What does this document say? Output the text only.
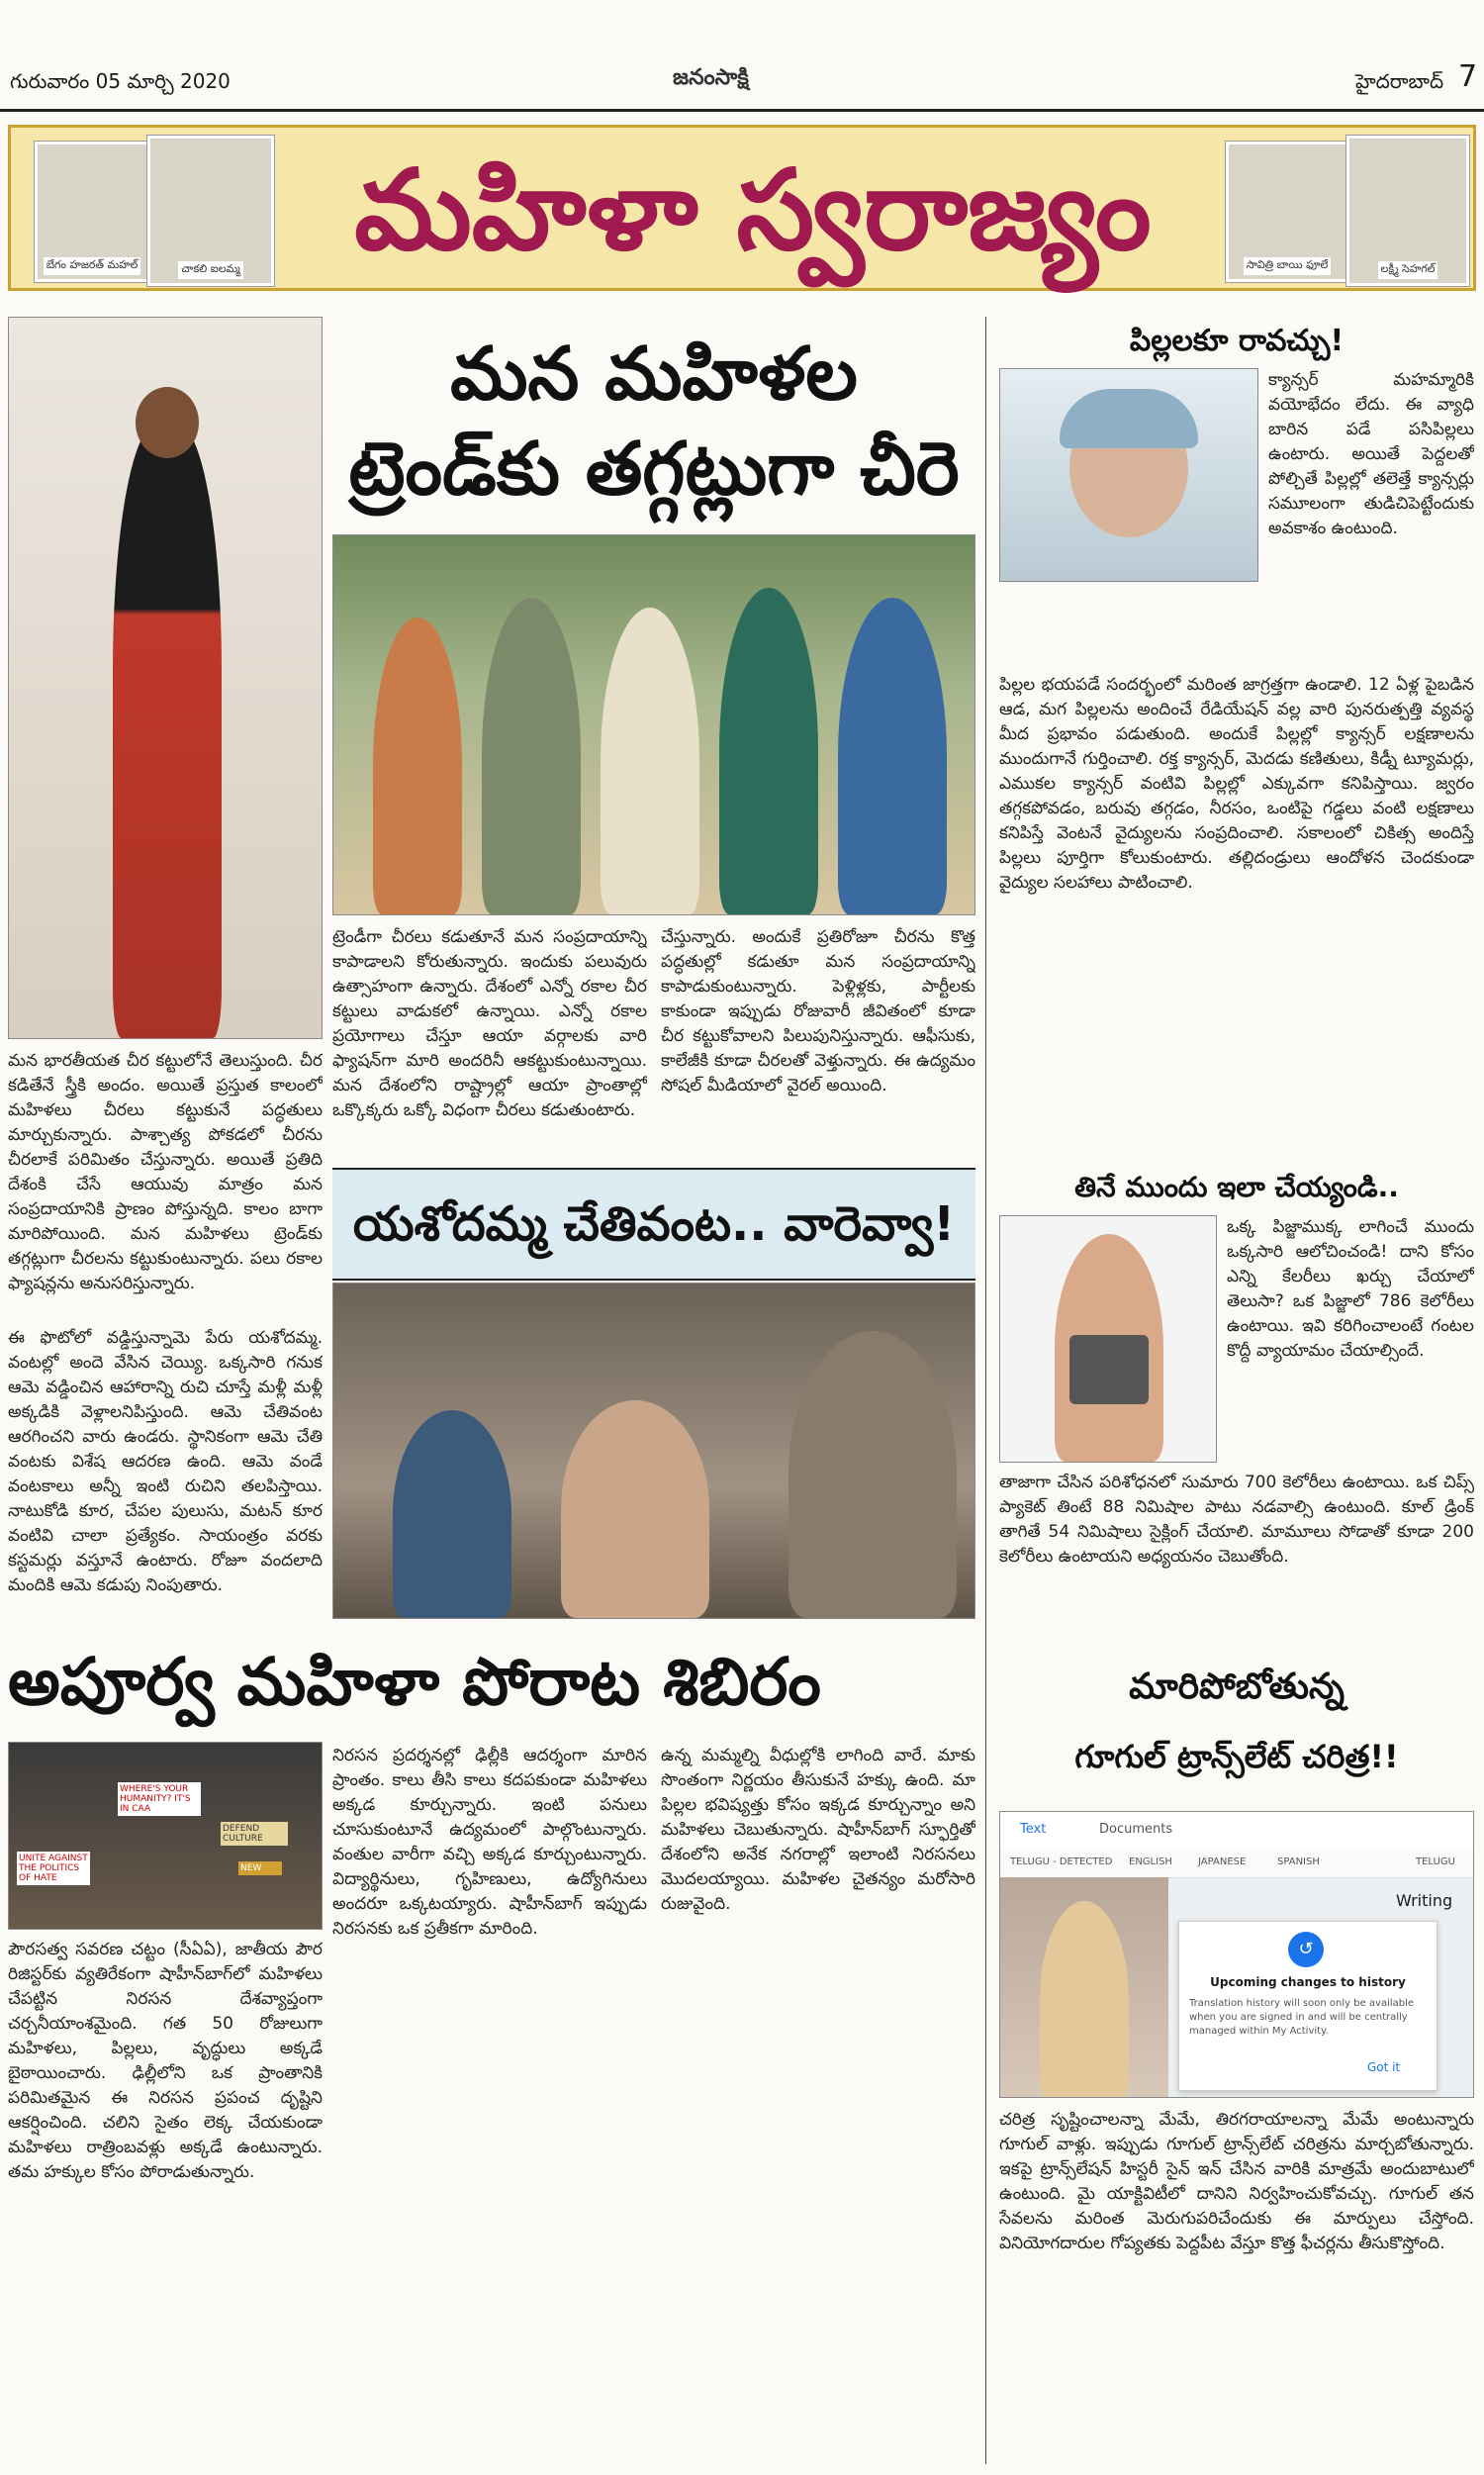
గురువారం 05 మార్చి 2020	జనంసాక్షి	హైదరాబాద్ 7
బేగం హజరత్ మహల్	చాకలి ఐలమ్మ	మహిళా స్వరాజ్యం	సావిత్రి బాయి ఫూలే	లక్ష్మీ సెహగల్
మన మహిళల
ట్రెండ్‌కు తగ్గట్లుగా చీరె
మన భారతీయత చీర కట్టులోనే తెలుస్తుంది. చీర కడితేనే స్త్రీకి అందం. అయితే ప్రస్తుత కాలంలో మహిళలు చీరలు కట్టుకునే పద్ధతులు మార్చుకున్నారు. పాశ్చాత్య పోకడలో చీరను చీరలాకే పరిమితం చేస్తున్నారు. అయితే ప్రతిది దేశంకి చేసే ఆయువు మాత్రం మన సంప్రదాయానికి ప్రాణం పోస్తున్నది. కాలం బాగా మారిపోయింది. మన మహిళలు ట్రెండ్‌కు తగ్గట్లుగా చీరలను కట్టుకుంటున్నారు. పలు రకాల ఫ్యాషన్లను అనుసరిస్తున్నారు.
ట్రెండీగా చీరలు కడుతూనే మన సంప్రదాయాన్ని కాపాడాలని కోరుతున్నారు. ఇందుకు పలువురు ఉత్సాహంగా ఉన్నారు. దేశంలో ఎన్నో రకాల చీర కట్టులు వాడుకలో ఉన్నాయి. ఎన్నో రకాల ప్రయోగాలు చేస్తూ ఆయా వర్గాలకు వారి ఫ్యాషన్‌గా మారి అందరినీ ఆకట్టుకుంటున్నాయి. మన దేశంలోని రాష్ట్రాల్లో ఆయా ప్రాంతాల్లో ఒక్కొక్కరు ఒక్కో విధంగా చీరలు కడుతుంటారు.
చేస్తున్నారు. అందుకే ప్రతిరోజూ చీరను కొత్త పద్ధతుల్లో కడుతూ మన సంప్రదాయాన్ని కాపాడుకుంటున్నారు. పెళ్లిళ్లకు, పార్టీలకు కాకుండా ఇప్పుడు రోజువారీ జీవితంలో కూడా చీర కట్టుకోవాలని పిలుపునిస్తున్నారు. ఆఫీసుకు, కాలేజీకి కూడా చీరలతో వెళ్తున్నారు. ఈ ఉద్యమం సోషల్ మీడియాలో వైరల్ అయింది.
యశోదమ్మ చేతివంట.. వారెవ్వా!
ఈ ఫొటోలో వడ్డిస్తున్నామె పేరు యశోదమ్మ. వంటల్లో అందె వేసిన చెయ్యి. ఒక్కసారి గనుక ఆమె వడ్డించిన ఆహారాన్ని రుచి చూస్తే మళ్లీ మళ్లీ అక్కడికి వెళ్లాలనిపిస్తుంది. ఆమె చేతివంట ఆరగించని వారు ఉండరు. స్థానికంగా ఆమె చేతి వంటకు విశేష ఆదరణ ఉంది. ఆమె వండే వంటకాలు అన్నీ ఇంటి రుచిని తలపిస్తాయి. నాటుకోడి కూర, చేపల పులుసు, మటన్ కూర వంటివి చాలా ప్రత్యేకం. సాయంత్రం వరకు కస్టమర్లు వస్తూనే ఉంటారు. రోజూ వందలాది మందికి ఆమె కడుపు నింపుతారు.
అపూర్వ మహిళా పోరాట శిబిరం
UNITE AGAINST THE POLITICS OF HATE
WHERE'S YOUR HUMANITY? IT'S IN CAA
DEFEND CULTURE
NEW
పౌరసత్వ సవరణ చట్టం (సీఏఏ), జాతీయ పౌర రిజిస్టర్‌కు వ్యతిరేకంగా షాహీన్‌బాగ్‌లో మహిళలు చేపట్టిన నిరసన దేశవ్యాప్తంగా చర్చనీయాంశమైంది. గత 50 రోజులుగా మహిళలు, పిల్లలు, వృద్ధులు అక్కడే బైఠాయించారు. ఢిల్లీలోని ఒక ప్రాంతానికి పరిమితమైన ఈ నిరసన ప్రపంచ దృష్టిని ఆకర్షించింది. చలిని సైతం లెక్క చేయకుండా మహిళలు రాత్రింబవళ్లు అక్కడే ఉంటున్నారు. తమ హక్కుల కోసం పోరాడుతున్నారు.
నిరసన ప్రదర్శనల్లో ఢిల్లీకి ఆదర్శంగా మారిన ప్రాంతం. కాలు తీసి కాలు కదపకుండా మహిళలు అక్కడ కూర్చున్నారు. ఇంటి పనులు చూసుకుంటూనే ఉద్యమంలో పాల్గొంటున్నారు. వంతుల వారీగా వచ్చి అక్కడ కూర్చుంటున్నారు. విద్యార్థినులు, గృహిణులు, ఉద్యోగినులు అందరూ ఒక్కటయ్యారు. షాహీన్‌బాగ్ ఇప్పుడు నిరసనకు ఒక ప్రతీకగా మారింది.
ఉన్న మమ్మల్ని వీధుల్లోకి లాగింది వారే. మాకు సొంతంగా నిర్ణయం తీసుకునే హక్కు ఉంది. మా పిల్లల భవిష్యత్తు కోసం ఇక్కడ కూర్చున్నాం అని మహిళలు చెబుతున్నారు. షాహీన్‌బాగ్ స్ఫూర్తితో దేశంలోని అనేక నగరాల్లో ఇలాంటి నిరసనలు మొదలయ్యాయి. మహిళల చైతన్యం మరోసారి రుజువైంది.
పిల్లలకూ రావచ్చు!
క్యాన్సర్ మహమ్మారికి వయోభేదం లేదు. ఈ వ్యాధి బారిన పడే పసిపిల్లలు ఉంటారు. అయితే పెద్దలతో పోల్చితే పిల్లల్లో తలెత్తే క్యాన్సర్లు సమూలంగా తుడిచిపెట్టేందుకు అవకాశం ఉంటుంది.
పిల్లల భయపడే సందర్భంలో మరింత జాగ్రత్తగా ఉండాలి. 12 ఏళ్ల పైబడిన ఆడ, మగ పిల్లలను అందించే రేడియేషన్ వల్ల వారి పునరుత్పత్తి వ్యవస్థ మీద ప్రభావం పడుతుంది. అందుకే పిల్లల్లో క్యాన్సర్ లక్షణాలను ముందుగానే గుర్తించాలి. రక్త క్యాన్సర్, మెదడు కణితులు, కిడ్నీ ట్యూమర్లు, ఎముకల క్యాన్సర్ వంటివి పిల్లల్లో ఎక్కువగా కనిపిస్తాయి. జ్వరం తగ్గకపోవడం, బరువు తగ్గడం, నీరసం, ఒంటిపై గడ్డలు వంటి లక్షణాలు కనిపిస్తే వెంటనే వైద్యులను సంప్రదించాలి. సకాలంలో చికిత్స అందిస్తే పిల్లలు పూర్తిగా కోలుకుంటారు. తల్లిదండ్రులు ఆందోళన చెందకుండా వైద్యుల సలహాలు పాటించాలి.
తినే ముందు ఇలా చేయ్యండి..
ఒక్క పిజ్జాముక్క లాగించే ముందు ఒక్కసారి ఆలోచించండి! దాని కోసం ఎన్ని కేలరీలు ఖర్చు చేయాలో తెలుసా? ఒక పిజ్జాలో 786 కెలోరీలు ఉంటాయి. ఇవి కరిగించాలంటే గంటల కొద్దీ వ్యాయామం చేయాల్సిందే.
తాజాగా చేసిన పరిశోధనలో సుమారు 700 కెలోరీలు ఉంటాయి. ఒక చిప్స్ ప్యాకెట్ తింటే 88 నిమిషాల పాటు నడవాల్సి ఉంటుంది. కూల్ డ్రింక్ తాగితే 54 నిమిషాలు సైక్లింగ్ చేయాలి. మామూలు సోడాతో కూడా 200 కెలోరీలు ఉంటాయని అధ్యయనం చెబుతోంది.
మారిపోబోతున్న
గూగుల్ ట్రాన్స్‌లేట్ చరిత్ర!!
Text	Documents
TELUGU - DETECTED ENGLISH	JAPANESE	SPANISH	TELUGU
Writing
↺
Upcoming changes to history
Translation history will soon only be available when you are signed in and will be centrally managed within My Activity.
Got it
చరిత్ర సృష్టించాలన్నా మేమే, తిరగరాయాలన్నా మేమే అంటున్నారు గూగుల్ వాళ్లు. ఇప్పుడు గూగుల్ ట్రాన్స్‌లేట్ చరిత్రను మార్చబోతున్నారు. ఇకపై ట్రాన్స్‌లేషన్ హిస్టరీ సైన్ ఇన్ చేసిన వారికి మాత్రమే అందుబాటులో ఉంటుంది. మై యాక్టివిటీలో దానిని నిర్వహించుకోవచ్చు. గూగుల్ తన సేవలను మరింత మెరుగుపరిచేందుకు ఈ మార్పులు చేస్తోంది. వినియోగదారుల గోప్యతకు పెద్దపీట వేస్తూ కొత్త ఫీచర్లను తీసుకొస్తోంది.
